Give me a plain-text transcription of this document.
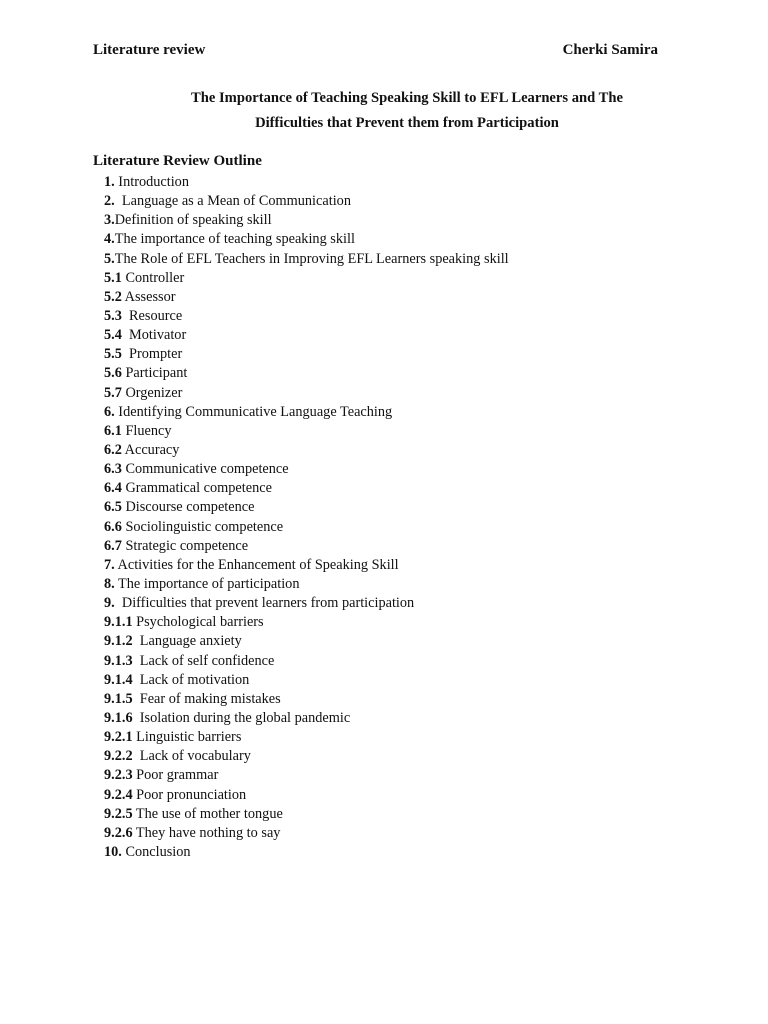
Literature review	Cherki Samira
The Importance of Teaching Speaking Skill to EFL Learners and The
Difficulties that Prevent them from Participation
Literature Review Outline
1. Introduction
2.  Language as a Mean of Communication
3.Definition of speaking skill
4.The importance of teaching speaking skill
5.The Role of EFL Teachers in Improving EFL Learners speaking skill
5.1 Controller
5.2 Assessor
5.3  Resource
5.4  Motivator
5.5  Prompter
5.6 Participant
5.7 Orgenizer
6. Identifying Communicative Language Teaching
6.1 Fluency
6.2 Accuracy
6.3 Communicative competence
6.4 Grammatical competence
6.5 Discourse competence
6.6 Sociolinguistic competence
6.7 Strategic competence
7. Activities for the Enhancement of Speaking Skill
8. The importance of participation
9.  Difficulties that prevent learners from participation
9.1.1 Psychological barriers
9.1.2  Language anxiety
9.1.3  Lack of self confidence
9.1.4  Lack of motivation
9.1.5  Fear of making mistakes
9.1.6  Isolation during the global pandemic
9.2.1 Linguistic barriers
9.2.2  Lack of vocabulary
9.2.3 Poor grammar
9.2.4 Poor pronunciation
9.2.5 The use of mother tongue
9.2.6 They have nothing to say
10. Conclusion
